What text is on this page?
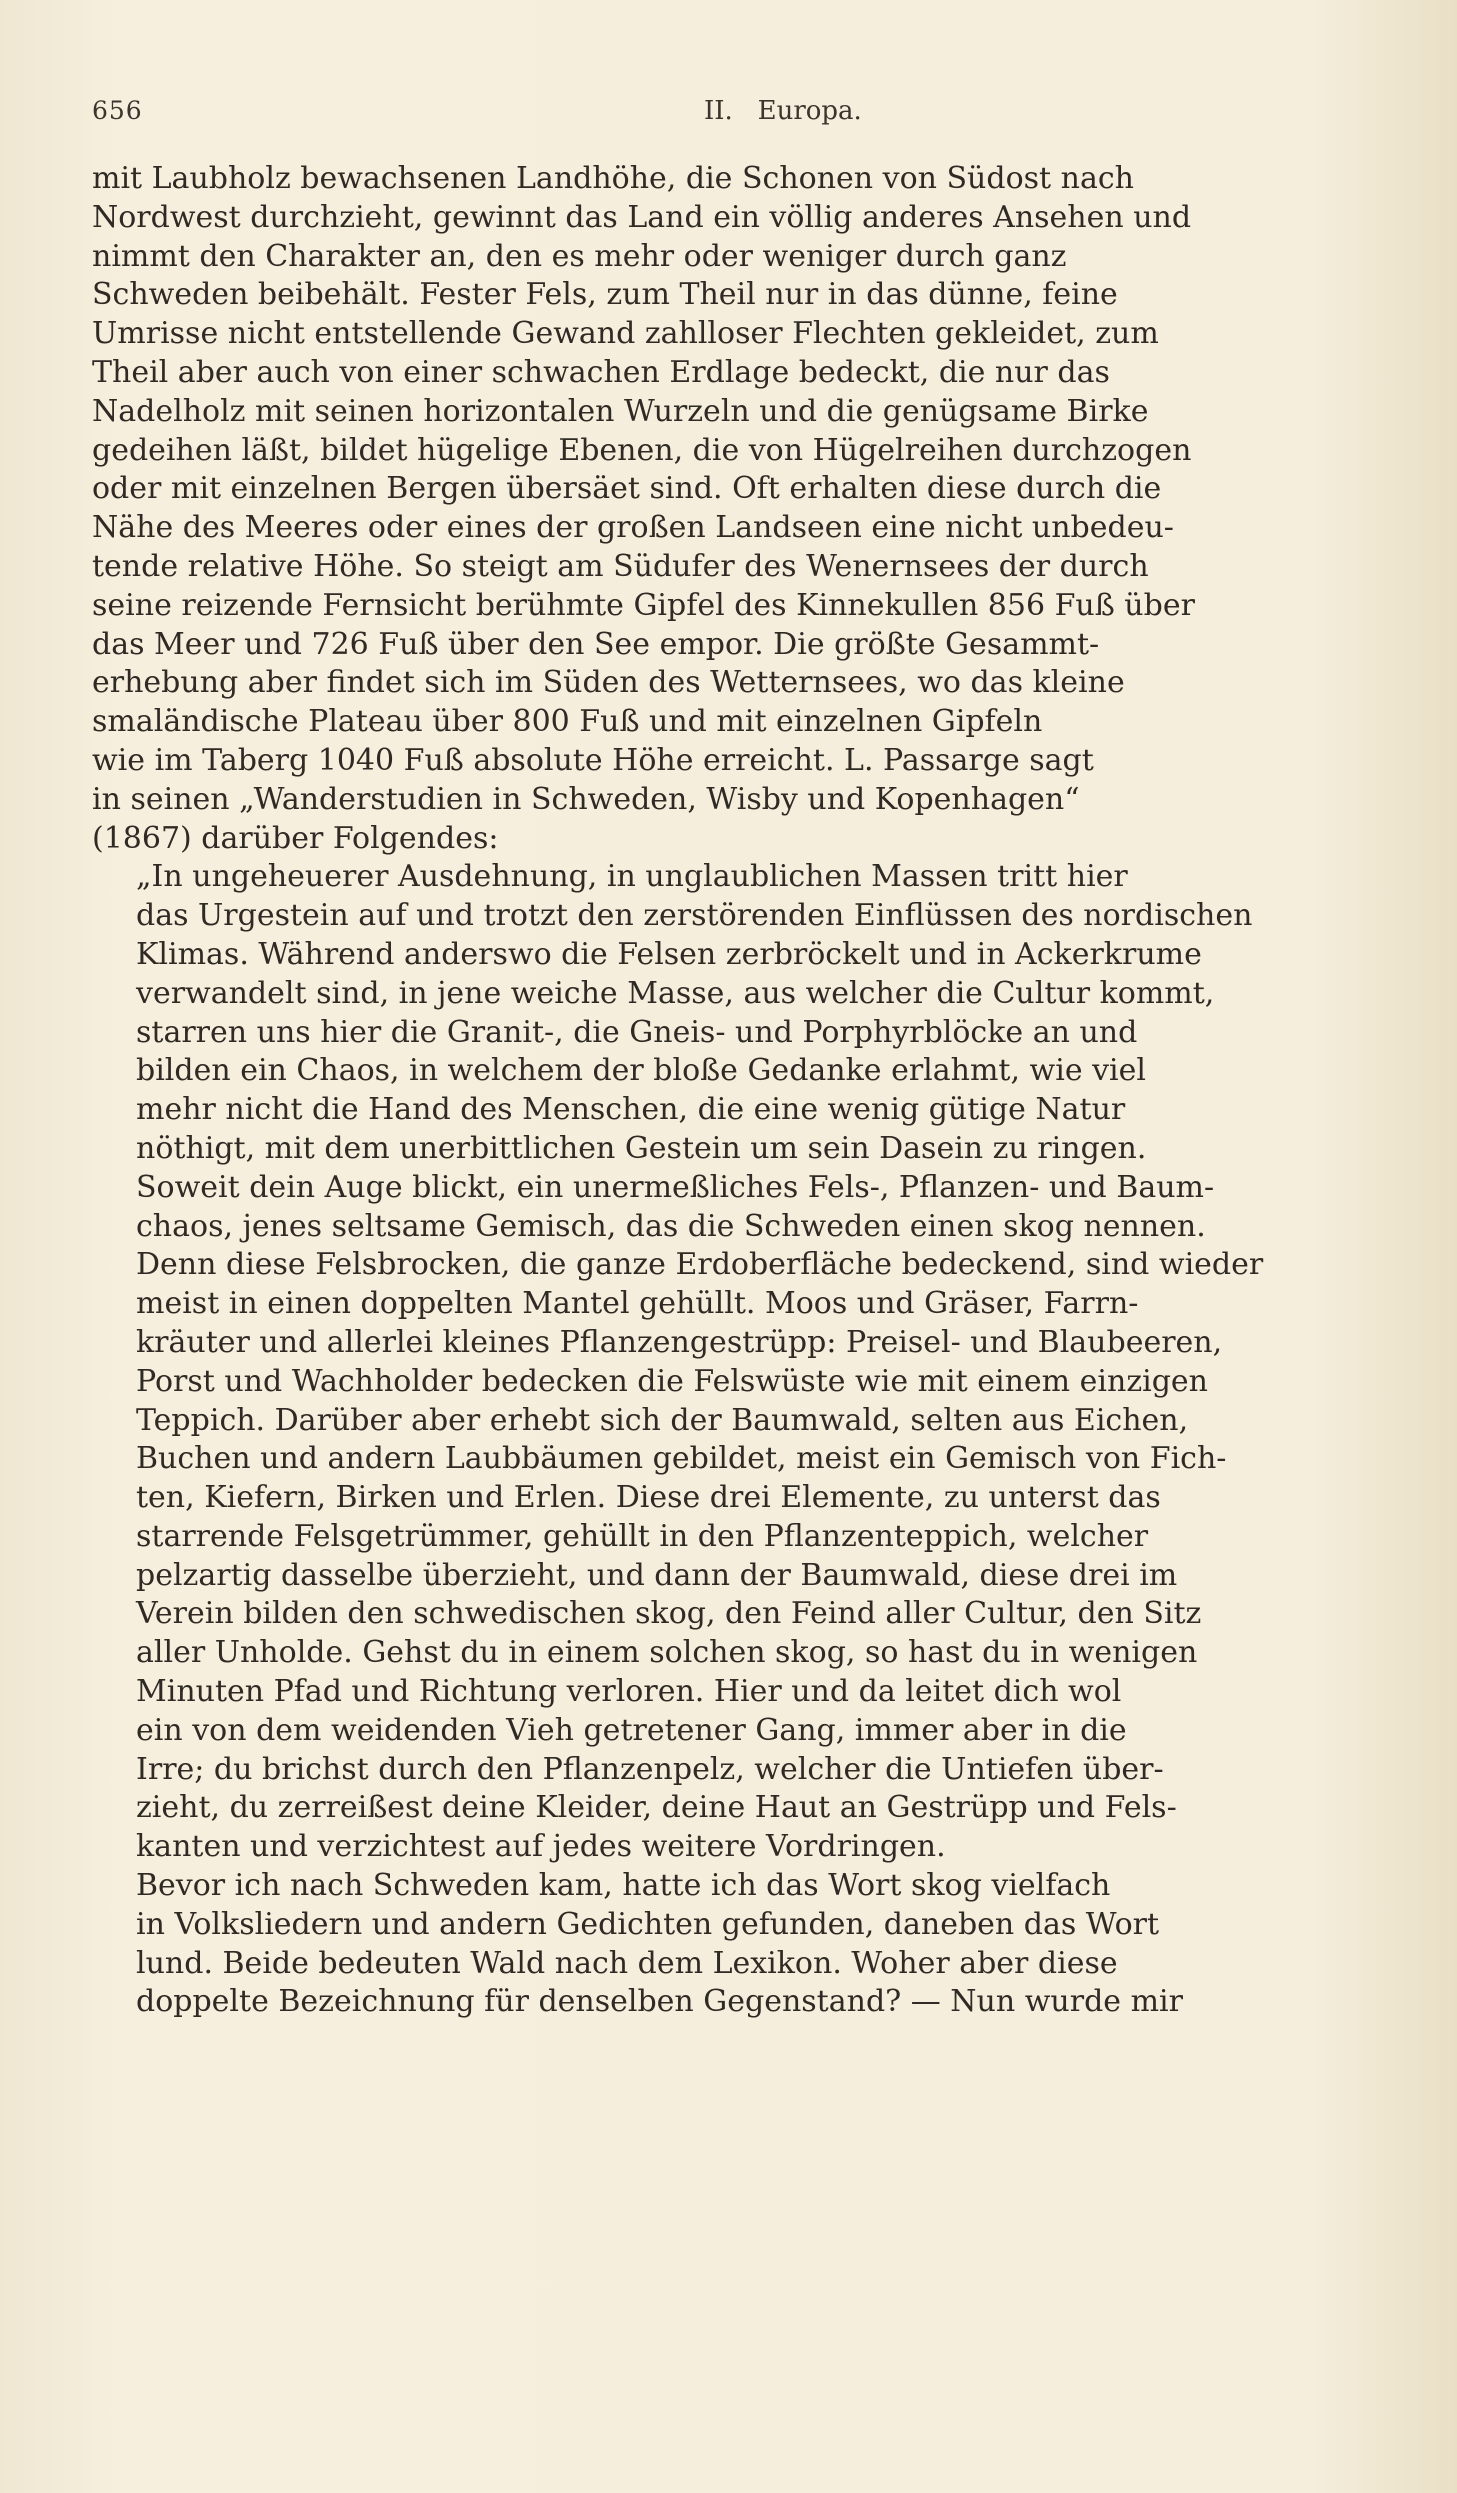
656	II.   Europa.

mit Laubholz bewachsenen Landhöhe, die Schonen von Südost nach
Nordwest durchzieht, gewinnt das Land ein völlig anderes Ansehen und
nimmt den Charakter an, den es mehr oder weniger durch ganz
Schweden beibehält. Fester Fels, zum Theil nur in das dünne, feine
Umrisse nicht entstellende Gewand zahlloser Flechten gekleidet, zum
Theil aber auch von einer schwachen Erdlage bedeckt, die nur das
Nadelholz mit seinen horizontalen Wurzeln und die genügsame Birke
gedeihen läßt, bildet hügelige Ebenen, die von Hügelreihen durchzogen
oder mit einzelnen Bergen übersäet sind. Oft erhalten diese durch die
Nähe des Meeres oder eines der großen Landseen eine nicht unbedeu-
tende relative Höhe. So steigt am Südufer des Wenernsees der durch
seine reizende Fernsicht berühmte Gipfel des Kinnekullen 856 Fuß über
das Meer und 726 Fuß über den See empor. Die größte Gesammt-
erhebung aber findet sich im Süden des Wetternsees, wo das kleine
smaländische Plateau über 800 Fuß und mit einzelnen Gipfeln
wie im Taberg 1040 Fuß absolute Höhe erreicht. L. Passarge sagt
in seinen „Wanderstudien in Schweden, Wisby und Kopenhagen“
(1867) darüber Folgendes:

„In ungeheuerer Ausdehnung, in unglaublichen Massen tritt hier
das Urgestein auf und trotzt den zerstörenden Einflüssen des nordischen
Klimas. Während anderswo die Felsen zerbröckelt und in Ackerkrume
verwandelt sind, in jene weiche Masse, aus welcher die Cultur kommt,
starren uns hier die Granit-, die Gneis- und Porphyrblöcke an und
bilden ein Chaos, in welchem der bloße Gedanke erlahmt, wie viel
mehr nicht die Hand des Menschen, die eine wenig gütige Natur
nöthigt, mit dem unerbittlichen Gestein um sein Dasein zu ringen.
Soweit dein Auge blickt, ein unermeßliches Fels-, Pflanzen- und Baum-
chaos, jenes seltsame Gemisch, das die Schweden einen skog nennen.
Denn diese Felsbrocken, die ganze Erdoberfläche bedeckend, sind wieder
meist in einen doppelten Mantel gehüllt. Moos und Gräser, Farrn-
kräuter und allerlei kleines Pflanzengestrüpp: Preisel- und Blaubeeren,
Porst und Wachholder bedecken die Felswüste wie mit einem einzigen
Teppich. Darüber aber erhebt sich der Baumwald, selten aus Eichen,
Buchen und andern Laubbäumen gebildet, meist ein Gemisch von Fich-
ten, Kiefern, Birken und Erlen. Diese drei Elemente, zu unterst das
starrende Felsgetrümmer, gehüllt in den Pflanzenteppich, welcher
pelzartig dasselbe überzieht, und dann der Baumwald, diese drei im
Verein bilden den schwedischen skog, den Feind aller Cultur, den Sitz
aller Unholde. Gehst du in einem solchen skog, so hast du in wenigen
Minuten Pfad und Richtung verloren. Hier und da leitet dich wol
ein von dem weidenden Vieh getretener Gang, immer aber in die
Irre; du brichst durch den Pflanzenpelz, welcher die Untiefen über-
zieht, du zerreißest deine Kleider, deine Haut an Gestrüpp und Fels-
kanten und verzichtest auf jedes weitere Vordringen.

Bevor ich nach Schweden kam, hatte ich das Wort skog vielfach
in Volksliedern und andern Gedichten gefunden, daneben das Wort
lund. Beide bedeuten Wald nach dem Lexikon. Woher aber diese
doppelte Bezeichnung für denselben Gegenstand? — Nun wurde mir
